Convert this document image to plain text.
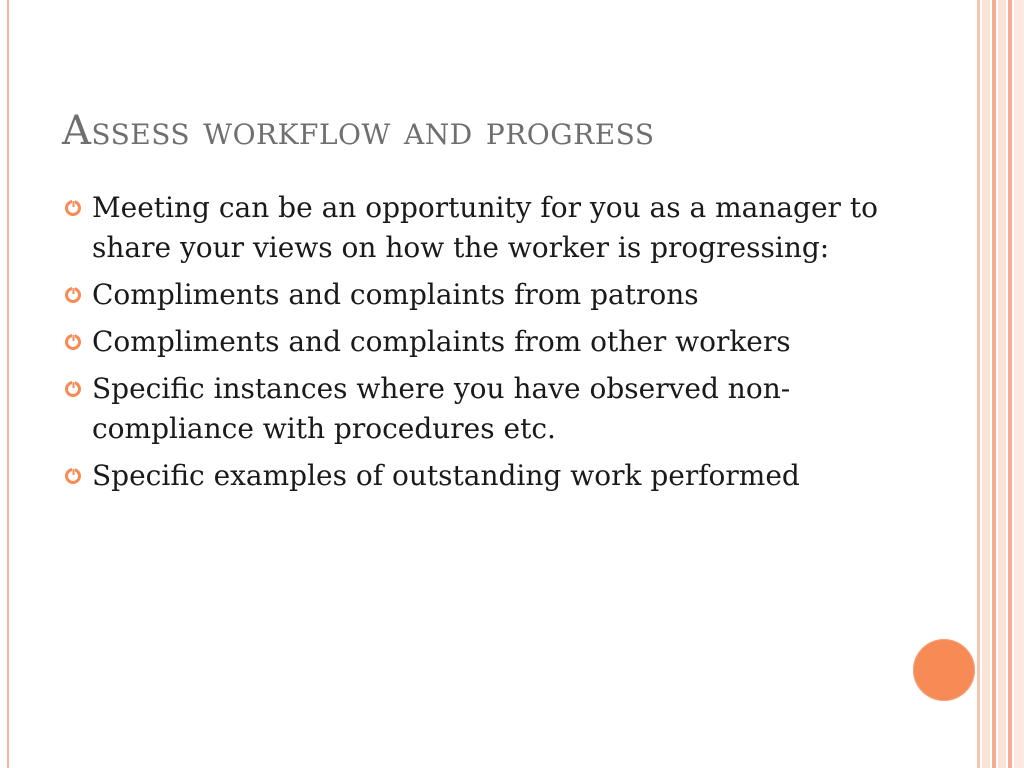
Assess workflow and progress
Meeting can be an opportunity for you as a manager to share your views on how the worker is progressing:
Compliments and complaints from patrons
Compliments and complaints from other workers
Specific instances where you have observed non-compliance with procedures etc.
Specific examples of outstanding work performed
